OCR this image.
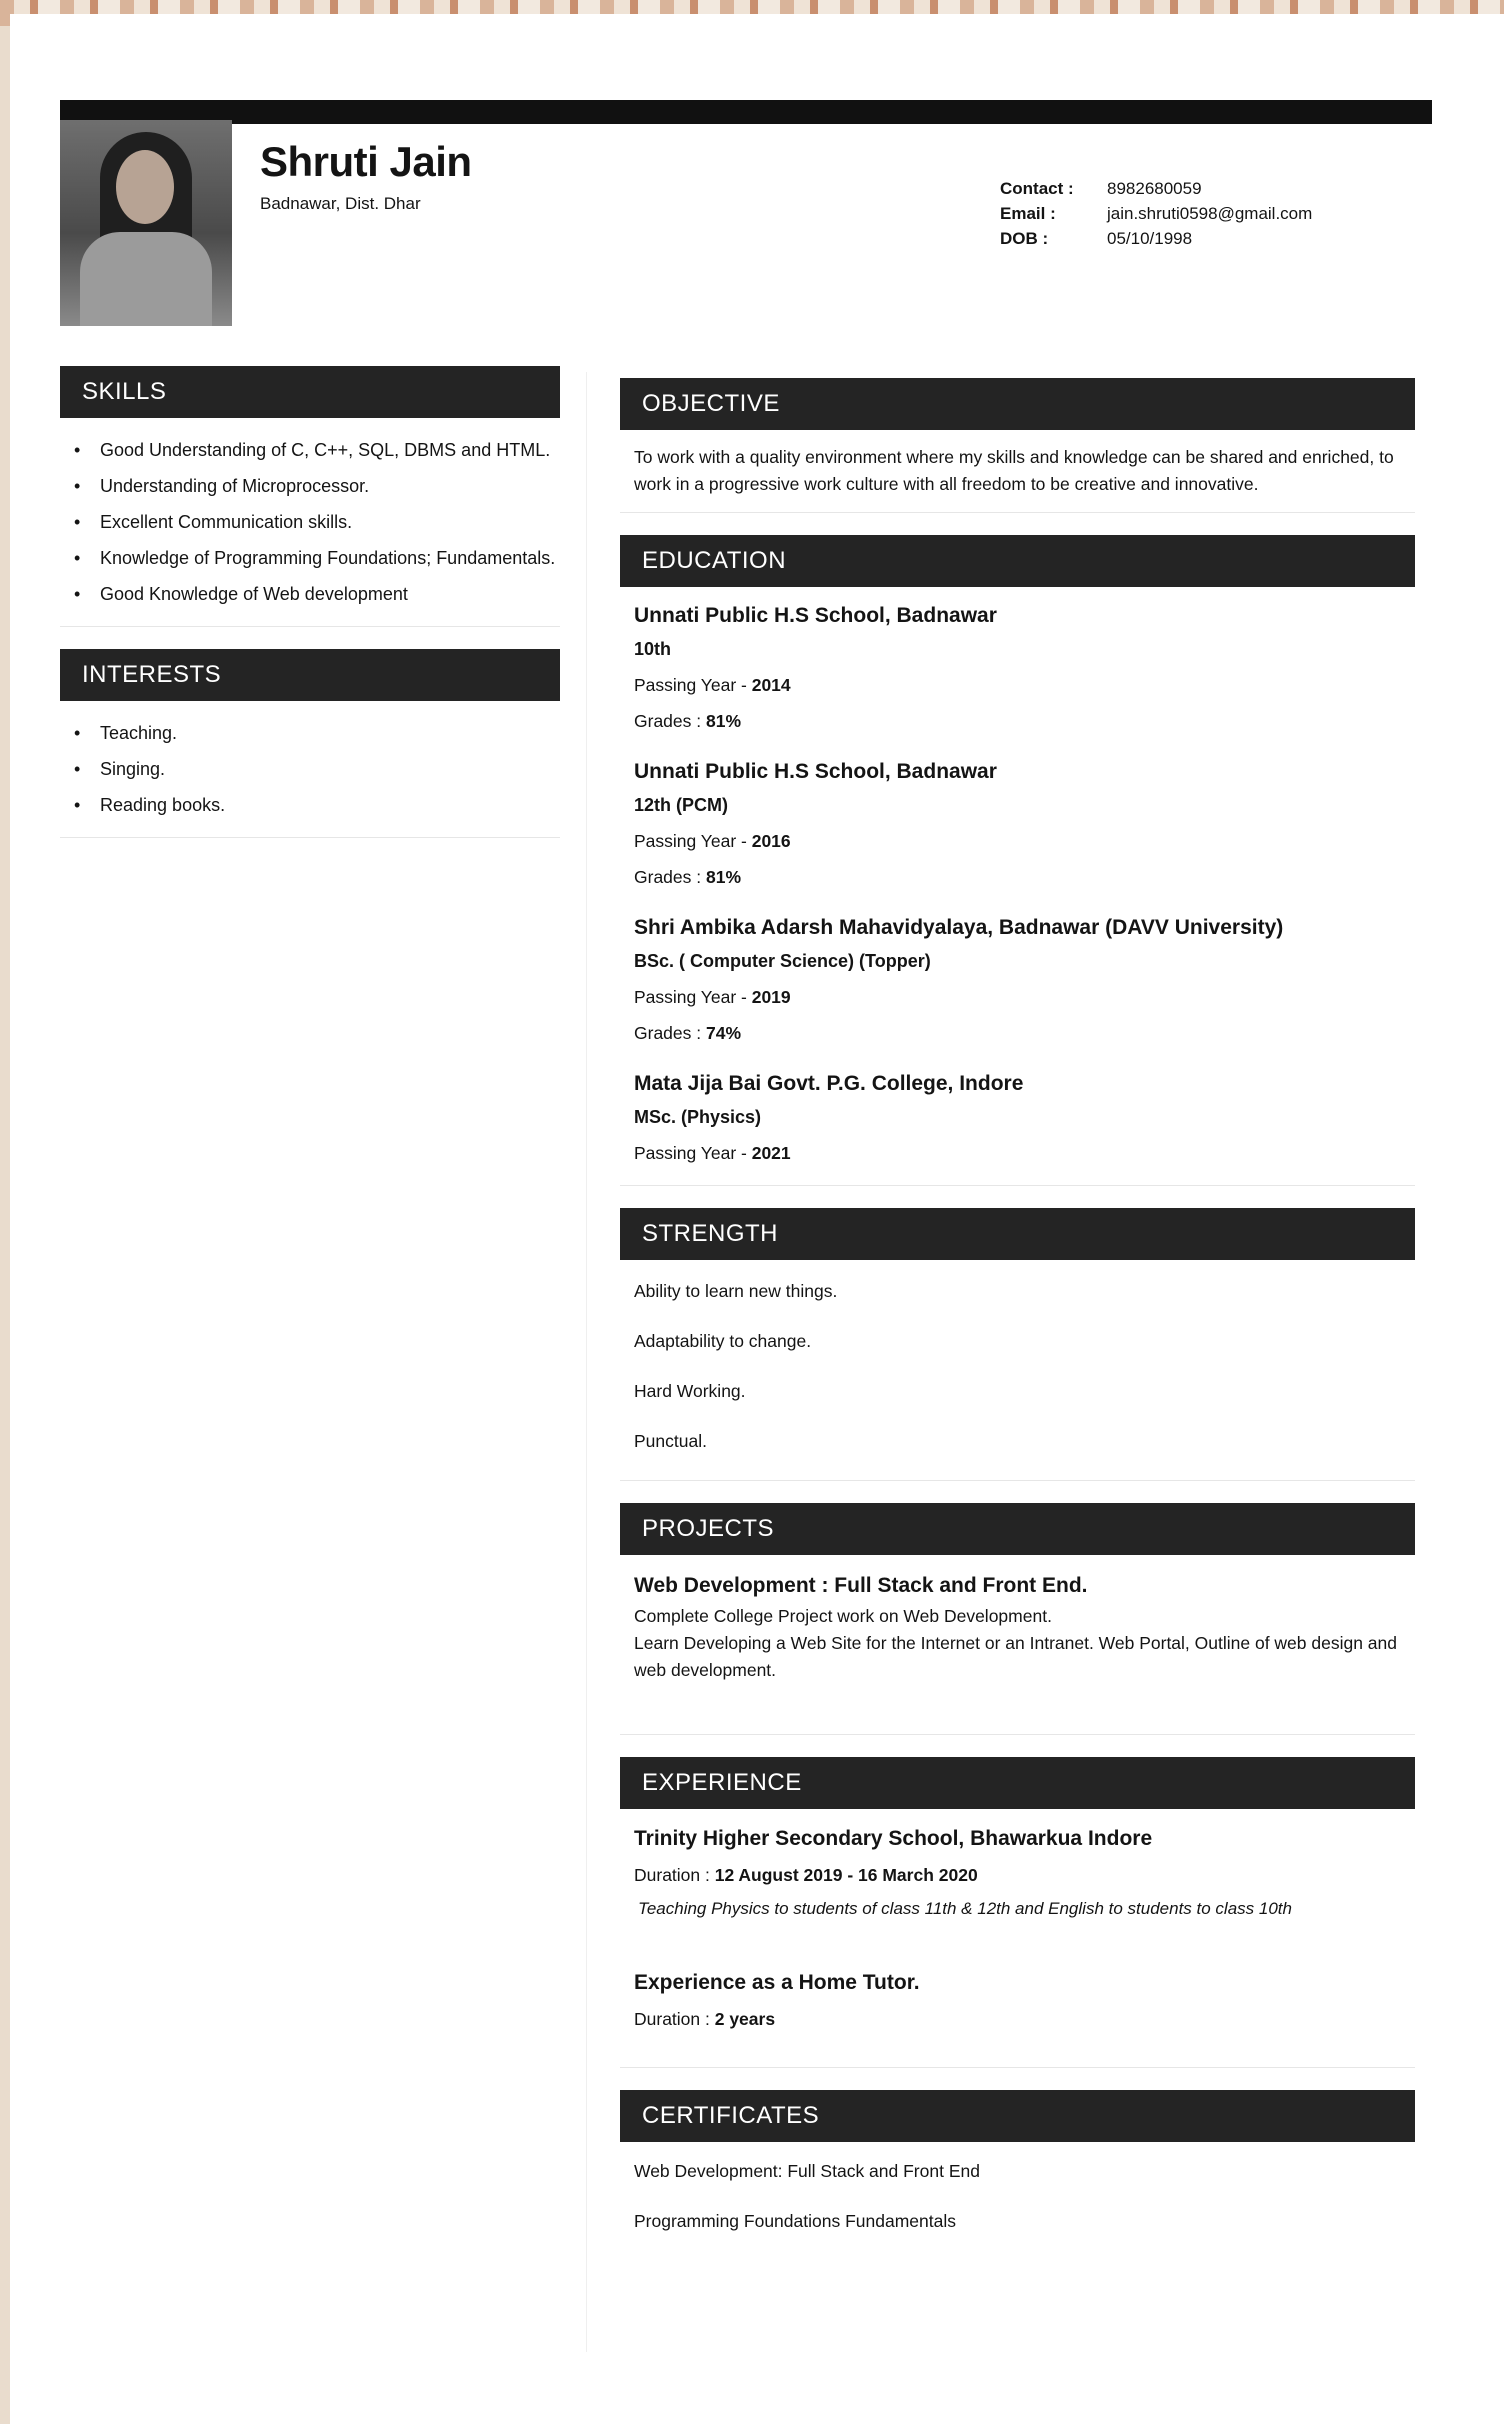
Shruti Jain
Badnawar, Dist. Dhar
Contact :	8982680059
Email :	jain.shruti0598@gmail.com
DOB :	05/10/1998
SKILLS
• Good Understanding of C, C++, SQL, DBMS and HTML.
• Understanding of Microprocessor.
• Excellent Communication skills.
• Knowledge of Programming Foundations; Fundamentals.
• Good Knowledge of Web development
INTERESTS
• Teaching.
• Singing.
• Reading books.
OBJECTIVE
To work with a quality environment where my skills and knowledge can be shared and enriched, to work in a progressive work culture with all freedom to be creative and innovative.
EDUCATION
Unnati Public H.S School, Badnawar
10th
Passing Year - 2014
Grades : 81%
Unnati Public H.S School, Badnawar
12th (PCM)
Passing Year - 2016
Grades : 81%
Shri Ambika Adarsh Mahavidyalaya, Badnawar (DAVV University)
BSc. ( Computer Science) (Topper)
Passing Year - 2019
Grades : 74%
Mata Jija Bai Govt. P.G. College, Indore
MSc. (Physics)
Passing Year - 2021
STRENGTH
Ability to learn new things.
Adaptability to change.
Hard Working.
Punctual.
PROJECTS
Web Development : Full Stack and Front End.
Complete College Project work on Web Development.
Learn Developing a Web Site for the Internet or an Intranet. Web Portal, Outline of web design and web development.
EXPERIENCE
Trinity Higher Secondary School, Bhawarkua Indore
Duration : 12 August 2019 - 16 March 2020
Teaching Physics to students of class 11th & 12th and English to students to class 10th
Experience as a Home Tutor.
Duration : 2 years
CERTIFICATES
Web Development: Full Stack and Front End
Programming Foundations Fundamentals
